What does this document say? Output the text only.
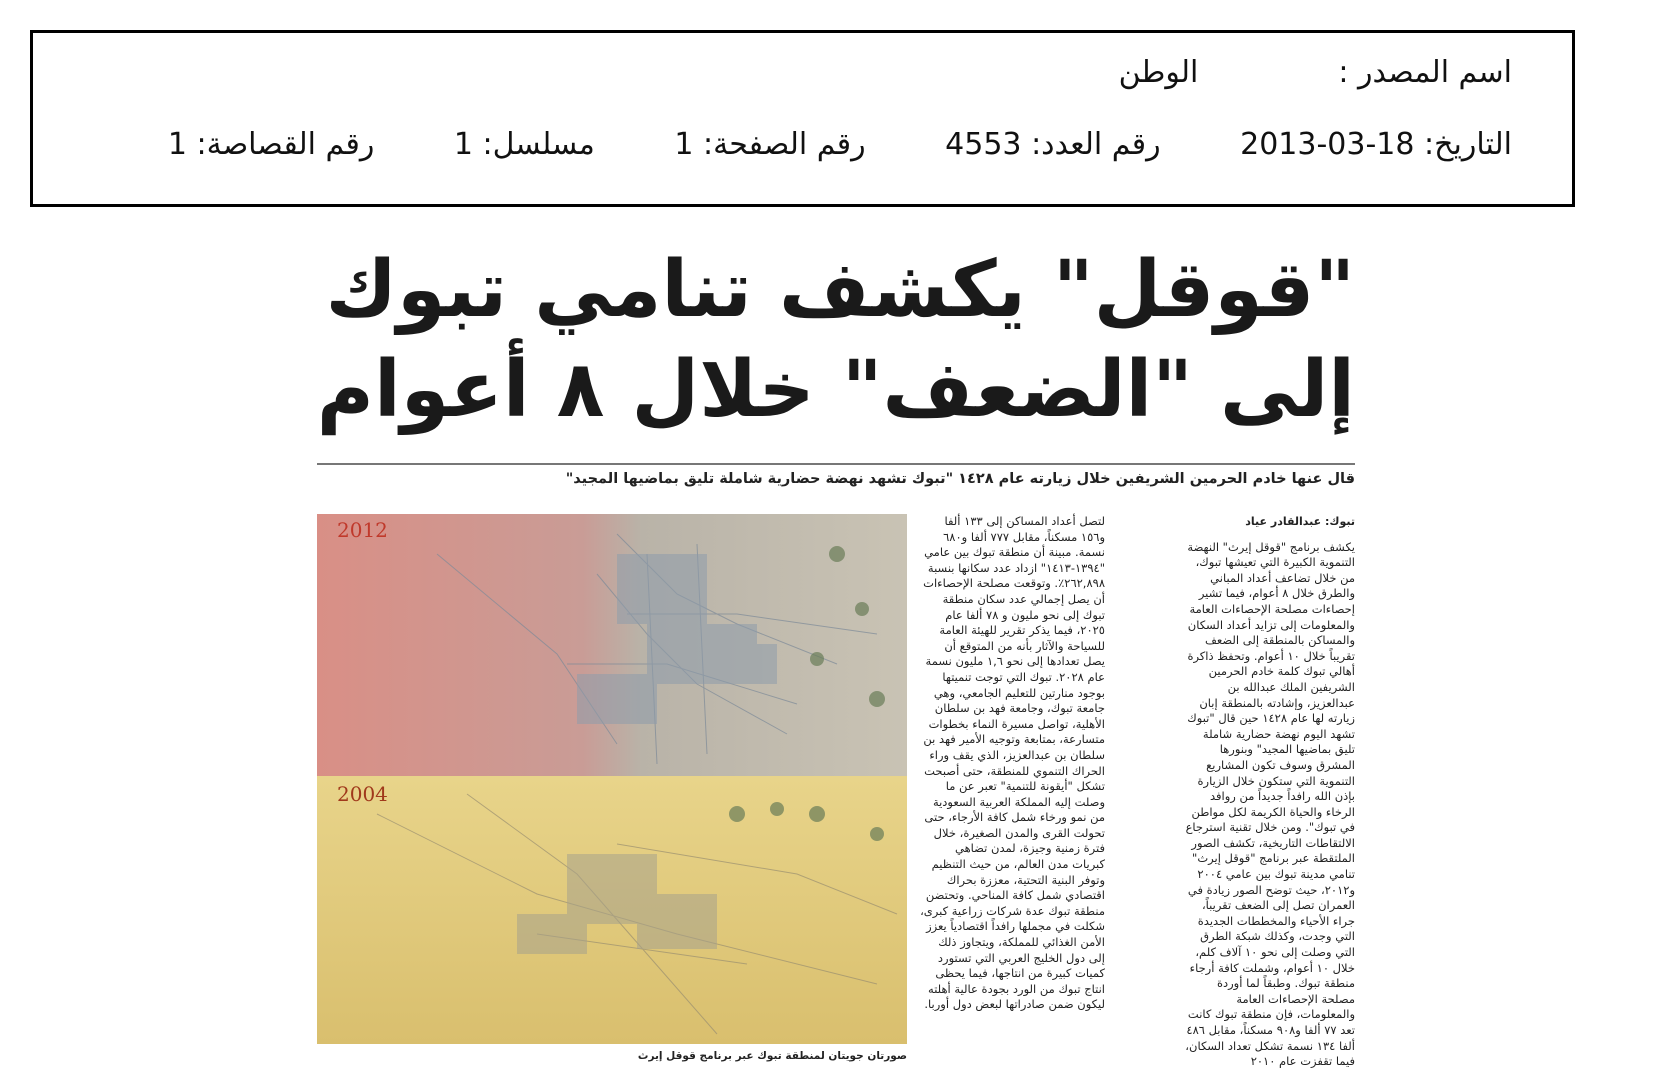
اسم المصدر :الوطن
التاريخ: 2013-03-18 رقم العدد: 4553 رقم الصفحة: 1 مسلسل: 1 رقم القصاصة: 1
"قوقل" يكشف تنامي تبوك
إلى "الضعف" خلال ٨ أعوام
قال عنها خادم الحرمين الشريفين خلال زيارته عام ١٤٢٨ "تبوك تشهد نهضة حضارية شاملة تليق بماضيها المجيد"
2012
2004
صورتان جويتان لمنطقة تبوك عبر برنامج قوقل إيرث
تبوك: عبدالقادر عياد

يكشف برنامج "قوقل إيرث" النهضة التنموية الكبيرة التي تعيشها تبوك، من خلال تضاعف أعداد المباني والطرق خلال ٨ أعوام، فيما تشير إحصاءات مصلحة الإحصاءات العامة والمعلومات إلى تزايد أعداد السكان والمساكن بالمنطقة إلى الضعف تقريباً خلال ١٠ أعوام. وتحفظ ذاكرة أهالي تبوك كلمة خادم الحرمين الشريفين الملك عبدالله بن عبدالعزيز، وإشادته بالمنطقة إبان زيارته لها عام ١٤٢٨ حين قال "تبوك تشهد اليوم نهضة حضارية شاملة تليق بماضيها المجيد" وبنورها المشرق وسوف تكون المشاريع التنموية التي ستكون خلال الزيارة بإذن الله رافداً جديداً من روافد الرخاء والحياة الكريمة لكل مواطن في تبوك". ومن خلال تقنية استرجاع الالتقاطات التاريخية، تكشف الصور الملتقطة عبر برنامج "قوقل إيرث" تنامي مدينة تبوك بين عامي ٢٠٠٤ و٢٠١٢، حيث توضح الصور زيادة في العمران تصل إلى الضعف تقريباً، جراء الأحياء والمخططات الجديدة التي وجدت، وكذلك شبكة الطرق التي وصلت إلى نحو ١٠ آلاف كلم، خلال ١٠ أعوام، وشملت كافة أرجاء منطقة تبوك. وطبقاً لما أوردة مصلحة الإحصاءات العامة والمعلومات، فإن منطقة تبوك كانت تعد ٧٧ ألفا و٩٠٨ مسكناً، مقابل ٤٨٦ ألفا ١٣٤ نسمة تشكل تعداد السكان، فيما تقفزت عام ٢٠١٠

لتصل أعداد المساكن إلى ١٣٣ ألفا و١٥٦ مسكناً، مقابل ٧٧٧ ألفا و٦٨٠ نسمة. مبينة أن منطقة تبوك بين عامي "١٣٩٤-١٤١٣" ازداد عدد سكانها بنسبة ٢٦٢,٨٩٨٪. وتوقعت مصلحة الإحصاءات أن يصل إجمالي عدد سكان منطقة تبوك إلى نحو مليون و ٧٨ ألفا عام ٢٠٢٥، فيما يذكر تقرير للهيئة العامة للسياحة والآثار بأنه من المتوقع أن يصل تعدادها إلى نحو ١,٦ مليون نسمة عام ٢٠٢٨. تبوك التي توجت تنميتها بوجود منارتين للتعليم الجامعي، وهي جامعة تبوك، وجامعة فهد بن سلطان الأهلية، تواصل مسيرة النماء بخطوات متسارعة، بمتابعة وتوجيه الأمير فهد بن سلطان بن عبدالعزيز، الذي يقف وراء الحراك التنموي للمنطقة، حتى أصبحت تشكل "أيقونة للتنمية" تعبر عن ما وصلت إليه المملكة العربية السعودية من نمو ورخاء شمل كافة الأرجاء، حتى تحولت القرى والمدن الصغيرة، خلال فترة زمنية وجيزة، لمدن تضاهي كبريات مدن العالم، من حيث التنظيم وتوفر البنية التحتية، معززة بحراك اقتصادي شمل كافة المناحي. وتحتضن منطقة تبوك عدة شركات زراعية كبرى، شكلت في مجملها رافداً اقتصادياً يعزز الأمن الغذائي للمملكة، ويتجاوز ذلك إلى دول الخليج العربي التي تستورد كميات كبيرة من انتاجها، فيما يحظى انتاج تبوك من الورد بجودة عالية أهلته ليكون ضمن صادراتها لبعض دول أوربا.
